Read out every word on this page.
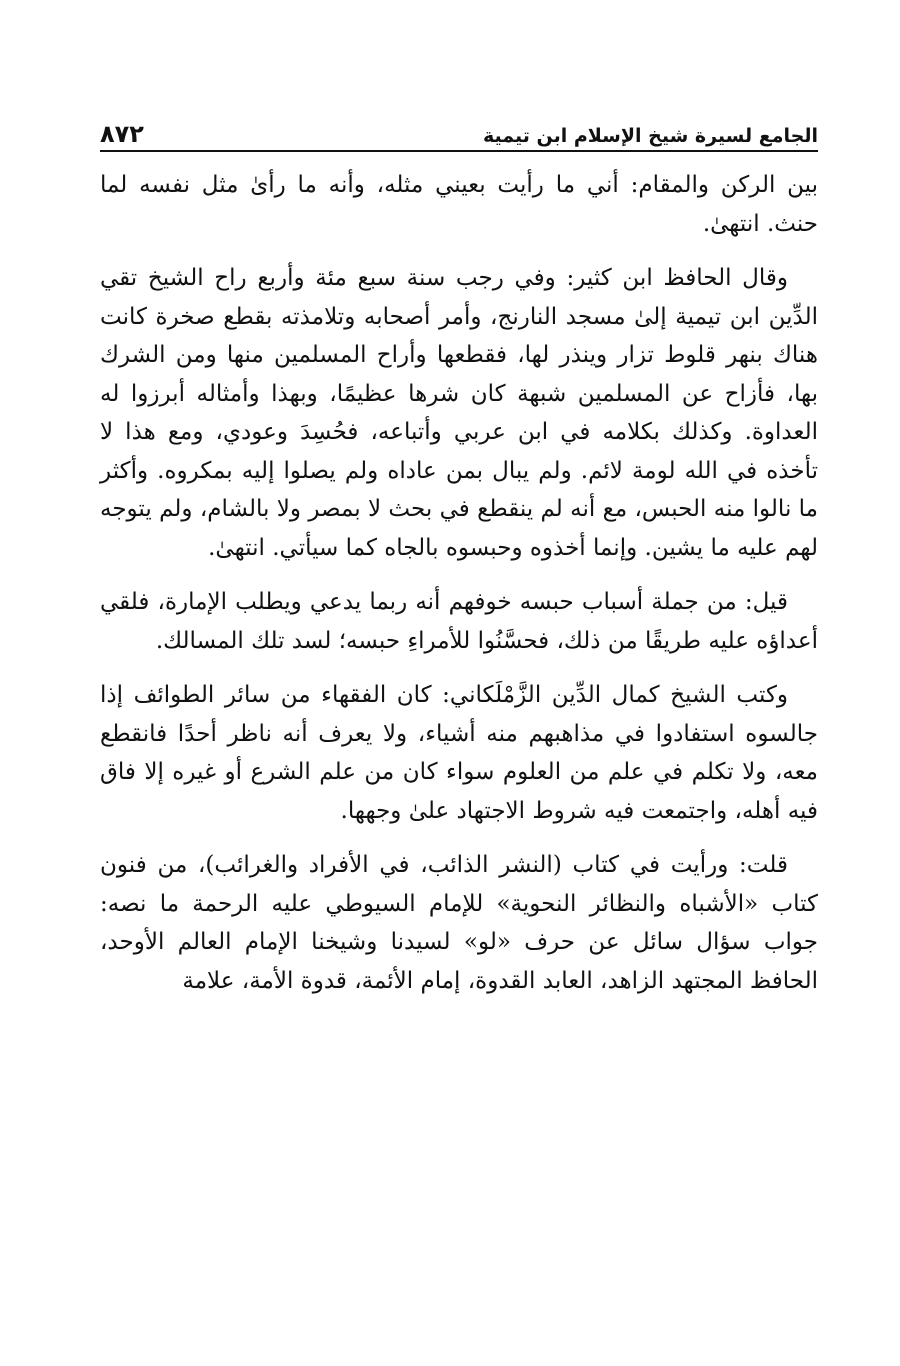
الجامع لسيرة شيخ الإسلام ابن تيمية
٨٧٢

بين الركن والمقام: أني ما رأيت بعيني مثله، وأنه ما رأىٰ مثل نفسه لما حنث. انتهىٰ.

وقال الحافظ ابن كثير: وفي رجب سنة سبع مئة وأربع راح الشيخ تقي الدِّين ابن تيمية إلىٰ مسجد النارنج، وأمر أصحابه وتلامذته بقطع صخرة كانت هناك بنهر قلوط تزار وينذر لها، فقطعها وأراح المسلمين منها ومن الشرك بها، فأزاح عن المسلمين شبهة كان شرها عظيمًا، وبهذا وأمثاله أبرزوا له العداوة. وكذلك بكلامه في ابن عربي وأتباعه، فحُسِدَ وعودي، ومع هذا لا تأخذه في الله لومة لائم. ولم يبال بمن عاداه ولم يصلوا إليه بمكروه. وأكثر ما نالوا منه الحبس، مع أنه لم ينقطع في بحث لا بمصر ولا بالشام، ولم يتوجه لهم عليه ما يشين. وإنما أخذوه وحبسوه بالجاه كما سيأتي. انتهىٰ.

قيل: من جملة أسباب حبسه خوفهم أنه ربما يدعي ويطلب الإمارة، فلقي أعداؤه عليه طريقًا من ذلك، فحسَّنُوا للأمراءِ حبسه؛ لسد تلك المسالك.

وكتب الشيخ كمال الدِّين الزَّمْلَكاني: كان الفقهاء من سائر الطوائف إذا جالسوه استفادوا في مذاهبهم منه أشياء، ولا يعرف أنه ناظر أحدًا فانقطع معه، ولا تكلم في علم من العلوم سواء كان من علم الشرع أو غيره إلا فاق فيه أهله، واجتمعت فيه شروط الاجتهاد علىٰ وجهها.

قلت: ورأيت في كتاب (النشر الذائب، في الأفراد والغرائب)، من فنون كتاب «الأشباه والنظائر النحوية» للإمام السيوطي عليه الرحمة ما نصه: جواب سؤال سائل عن حرف «لو» لسيدنا وشيخنا الإمام العالم الأوحد، الحافظ المجتهد الزاهد، العابد القدوة، إمام الأئمة، قدوة الأمة، علامة
